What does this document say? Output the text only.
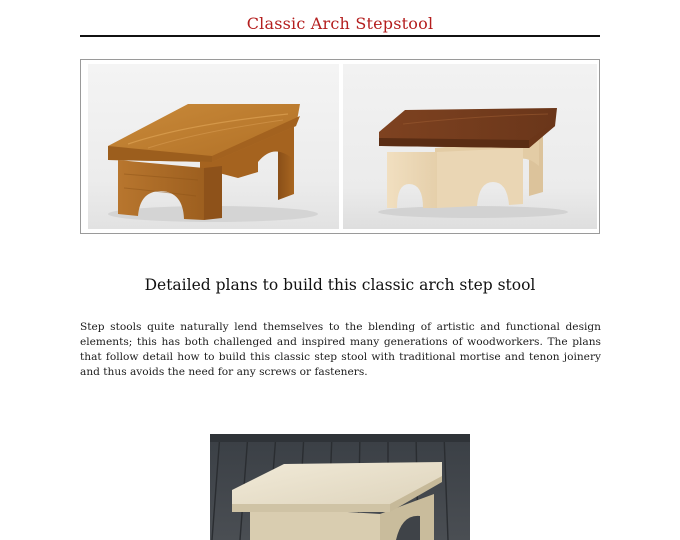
Classic Arch Stepstool
Detailed plans to build this classic arch step stool

Step stools quite naturally lend themselves to the blending of artistic and functional design elements; this has both challenged and inspired many generations of woodworkers. The plans that follow detail how to build this classic step stool with traditional mortise and tenon joinery and thus avoids the need for any screws or fasteners.
